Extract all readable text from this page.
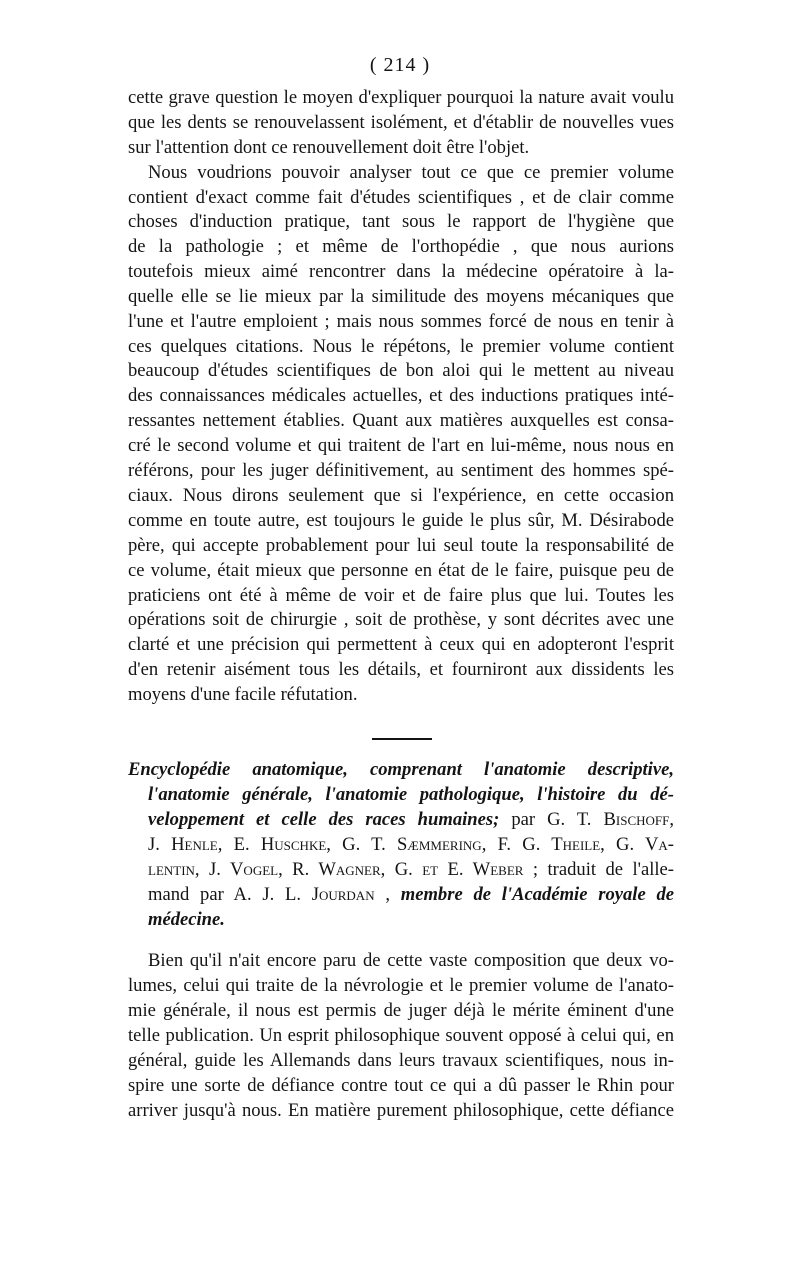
( 214 )
cette grave question le moyen d'expliquer pourquoi la nature avait voulu
que les dents se renouvelassent isolément, et d'établir de nouvelles vues
sur l'attention dont ce renouvellement doit être l'objet.
Nous voudrions pouvoir analyser tout ce que ce premier volume
contient d'exact comme fait d'études scientifiques , et de clair comme
choses d'induction pratique, tant sous le rapport de l'hygiène que
de la pathologie ; et même de l'orthopédie , que nous aurions
toutefois mieux aimé rencontrer dans la médecine opératoire à la-
quelle elle se lie mieux par la similitude des moyens mécaniques que
l'une et l'autre emploient ; mais nous sommes forcé de nous en tenir à
ces quelques citations. Nous le répétons, le premier volume contient
beaucoup d'études scientifiques de bon aloi qui le mettent au niveau
des connaissances médicales actuelles, et des inductions pratiques inté-
ressantes nettement établies. Quant aux matières auxquelles est consa-
cré le second volume et qui traitent de l'art en lui-même, nous nous en
référons, pour les juger définitivement, au sentiment des hommes spé-
ciaux. Nous dirons seulement que si l'expérience, en cette occasion
comme en toute autre, est toujours le guide le plus sûr, M. Désirabode
père, qui accepte probablement pour lui seul toute la responsabilité de
ce volume, était mieux que personne en état de le faire, puisque peu de
praticiens ont été à même de voir et de faire plus que lui. Toutes les
opérations soit de chirurgie , soit de prothèse, y sont décrites avec une
clarté et une précision qui permettent à ceux qui en adopteront l'esprit
d'en retenir aisément tous les détails, et fourniront aux dissidents les
moyens d'une facile réfutation.
Encyclopédie anatomique, comprenant l'anatomie descriptive,
l'anatomie générale, l'anatomie pathologique, l'histoire du dé-
veloppement et celle des races humaines; par G. T. Bischoff,
J. Henle, E. Huschke, G. T. Sæmmering, F. G. Theile, G. Va-
lentin, J. Vogel, R. Wagner, G. et E. Weber ; traduit de l'alle-
mand par A. J. L. Jourdan , membre de l'Académie royale de
médecine.
Bien qu'il n'ait encore paru de cette vaste composition que deux vo-
lumes, celui qui traite de la névrologie et le premier volume de l'anato-
mie générale, il nous est permis de juger déjà le mérite éminent d'une
telle publication. Un esprit philosophique souvent opposé à celui qui, en
général, guide les Allemands dans leurs travaux scientifiques, nous in-
spire une sorte de défiance contre tout ce qui a dû passer le Rhin pour
arriver jusqu'à nous. En matière purement philosophique, cette défiance
